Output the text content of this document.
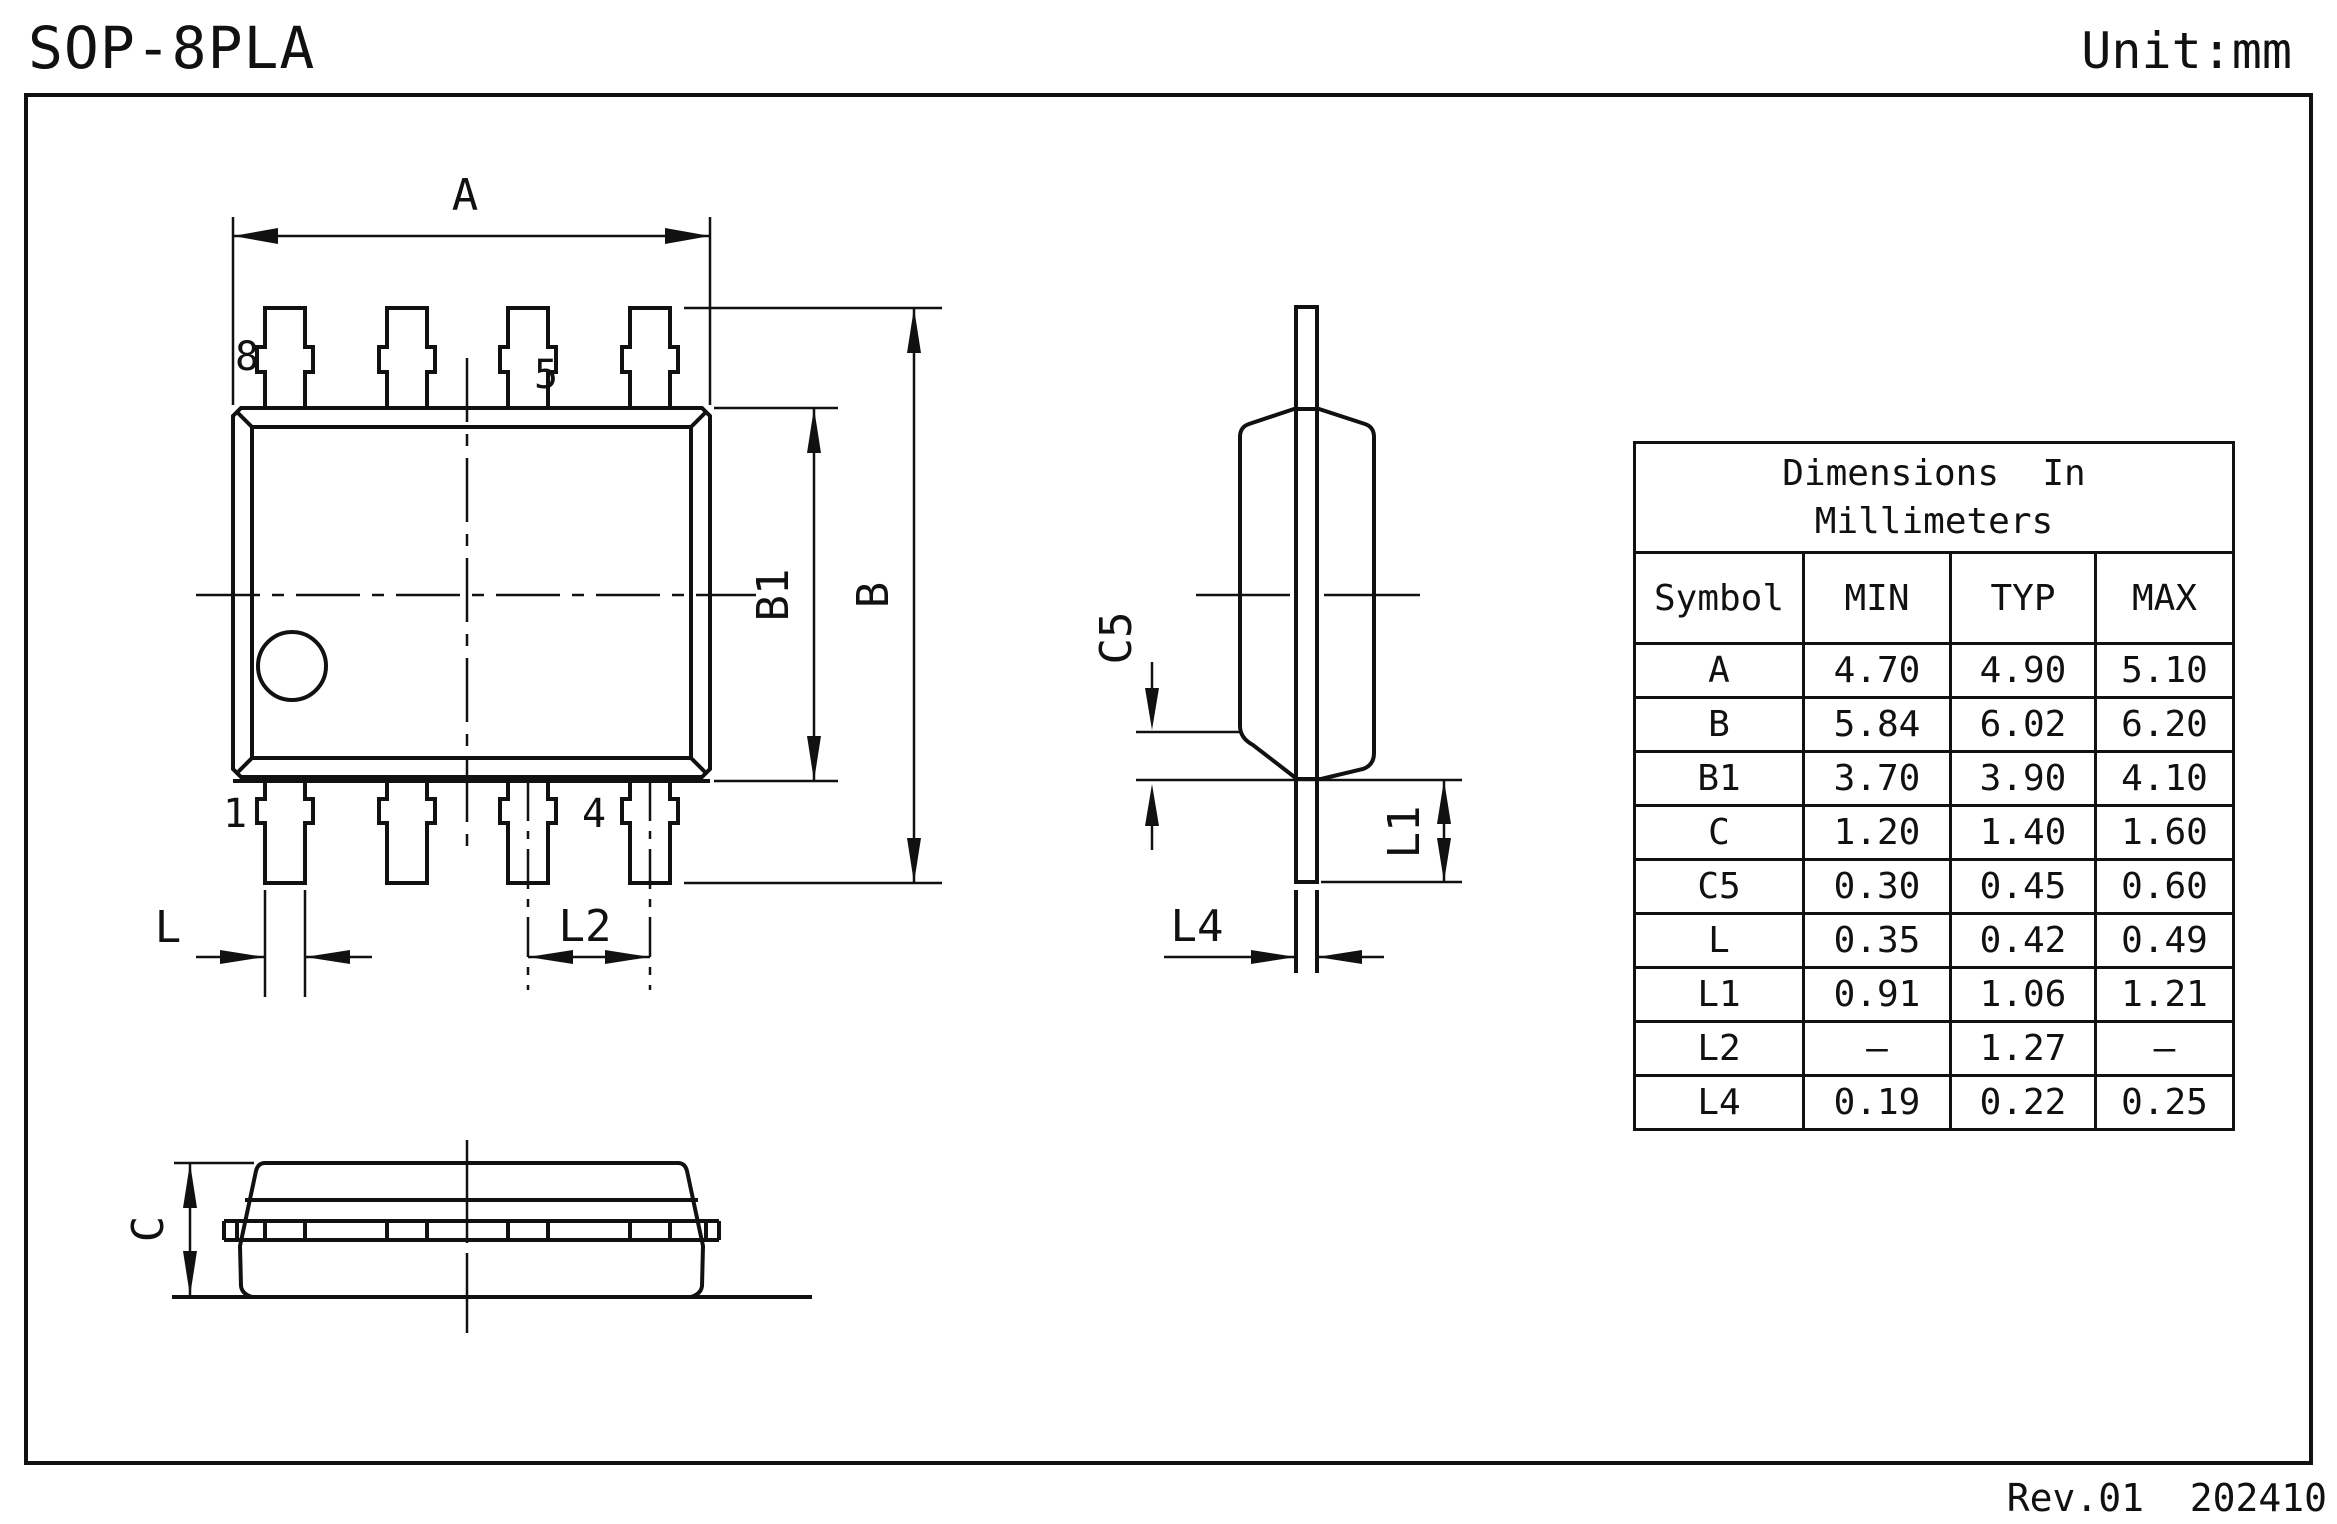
SOP-8PLA	Unit:mm
Rev.01  202410
A
B1 B
L	L2
8	5
1	4
C5
L1
L4
C
Dimensions  In
Millimeters			

Symbol	MIN	TYP	MAX
A	4.70	4.90	5.10
B	5.84	6.02	6.20
B1	3.70	3.90	4.10
C	1.20	1.40	1.60
C5	0.30	0.45	0.60
L	0.35	0.42	0.49
L1	0.91	1.06	1.21
L2	–	1.27	–
L4	0.19	0.22	0.25
